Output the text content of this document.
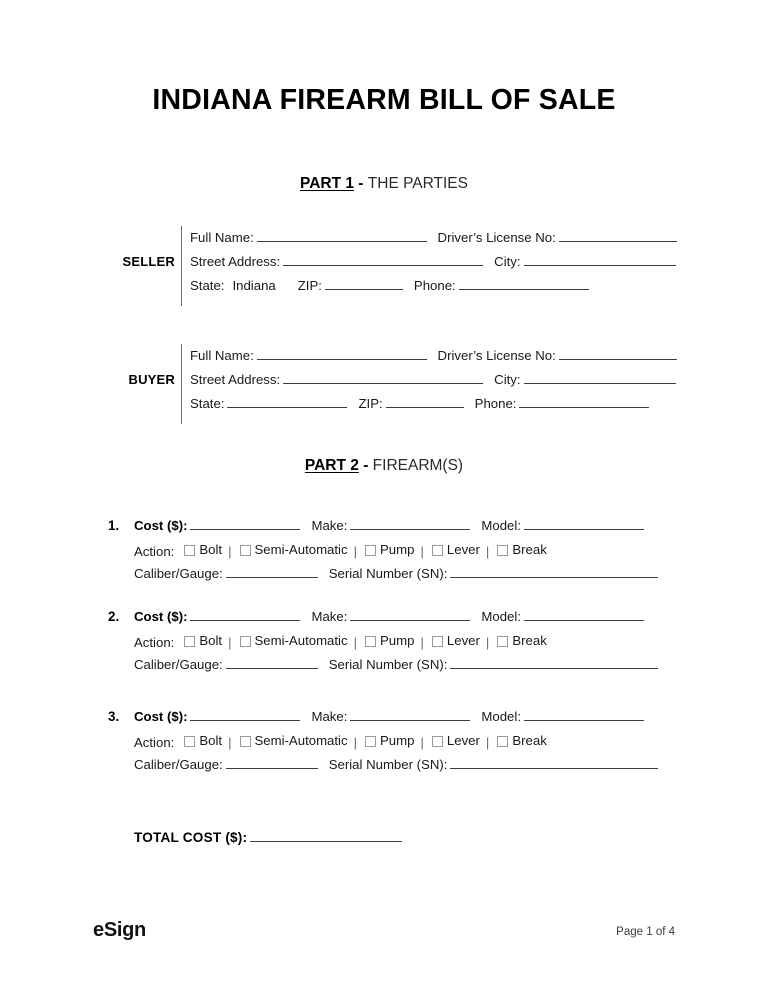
INDIANA FIREARM BILL OF SALE
PART 1 - THE PARTIES
SELLER
Full Name:	Driver’s License No:
Street Address:	City:
State: Indiana ZIP:	Phone:
BUYER
Full Name:	Driver’s License No:
Street Address:	City:
State:	ZIP:	Phone:
PART 2 - FIREARM(S)
1.	Cost ($):	Make:	Model:
Action: Bolt |	Semi-Automatic |	Pump |	Lever |	Break
Caliber/Gauge:	Serial Number (SN):
2.	Cost ($):	Make:	Model:
Action: Bolt |	Semi-Automatic |	Pump |	Lever |	Break
Caliber/Gauge:	Serial Number (SN):
3.	Cost ($):	Make:	Model:
Action: Bolt |	Semi-Automatic |	Pump |	Lever |	Break
Caliber/Gauge:	Serial Number (SN):
TOTAL COST ($):
eSign	Page 1 of 4
